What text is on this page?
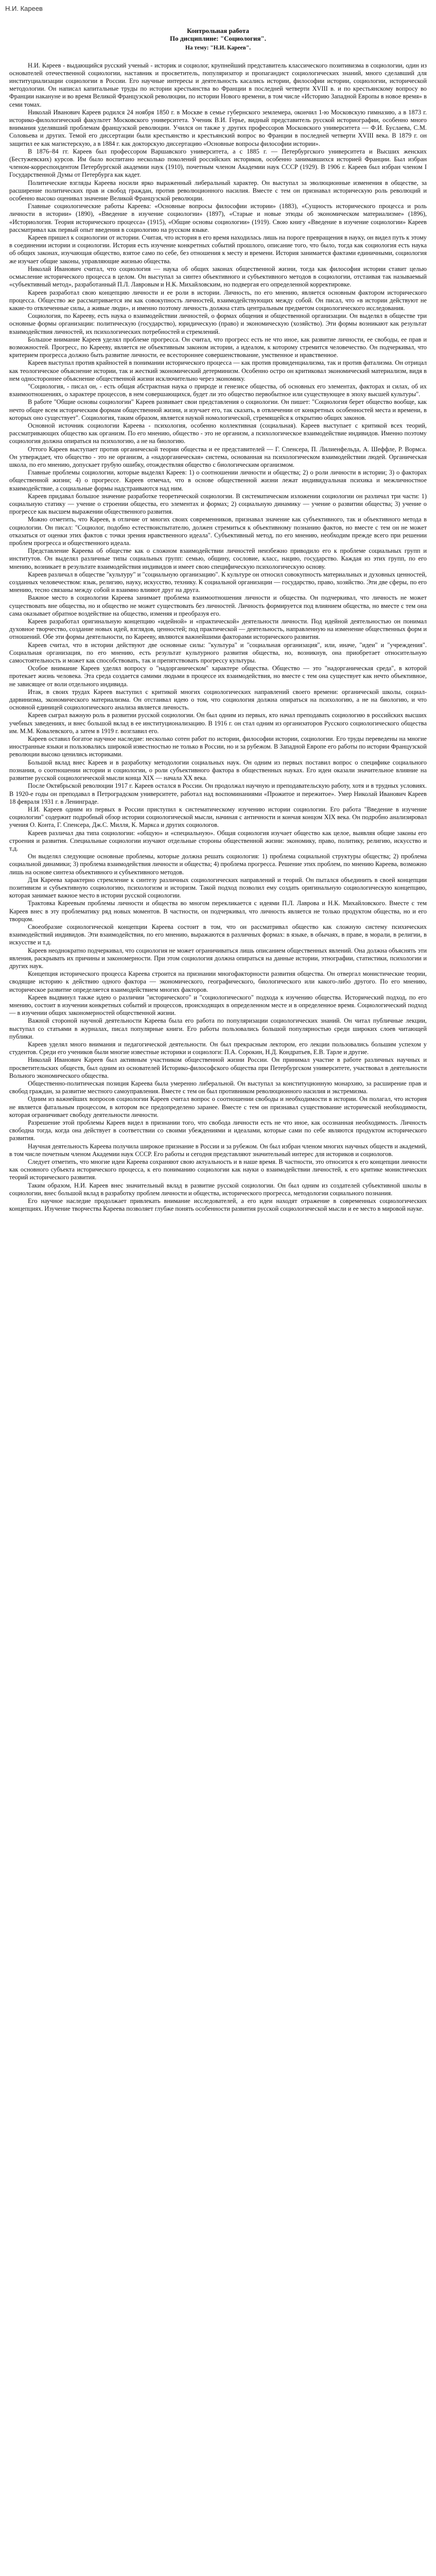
Н.И. Кареев
Контрольная работа
По дисциплине: "Социология".
На тему: "Н.И. Кареев".

Н.И. Кареев - выдающийся русский ученый - историк и социолог, крупнейший представитель классического позитивизма в социологии, один из основателей отечественной социологии, наставник и просветитель, популяризатор и пропагандист социологических знаний, много сделавший для институциализации социологии в России. Его научные интересы и деятельность касались истории, философии истории, социологии, исторической методологии. Он написал капитальные труды по истории крестьянства во Франции в последней четверти XVIII в. и по крестьянскому вопросу во Франции накануне и во время Великой Французской революции, по истории Нового времени, в том числе «Историю Западной Европы в новое время» в семи томах.

Николай Иванович Кареев родился 24 ноября 1850 г. в Москве в семье губернского землемера, окончил 1-ю Московскую гимназию, а в 1873 г. историко-филологический факультет Московского университета. Ученик В.И. Герье, видный представитель русской историографии, особенно много внимания уделявший проблемам французской революции. Учился он также у других профессоров Московского университета — Ф.И. Буслаева, С.М. Соловьева и других. Темой его диссертации были крестьянство и крестьянский вопрос во Франции в последней четверти XVIII века. В 1879 г. он защитил ее как магистерскую, а в 1884 г. как докторскую диссертацию «Основные вопросы философии истории».

В 1876–84 гг. Кареев был профессором Варшавского университета, а с 1885 г. — Петербургского университета и Высших женских (Бестужевских) курсов. Им было воспитано несколько поколений российских историков, особенно занимавшихся историей Франции. Был избран членом-корреспондентом Петербургской академии наук (1910), почетным членом Академии наук СССР (1929). В 1906 г. Кареев был избран членом I Государственной Думы от Петербурга как кадет.

Политические взгляды Кареева носили ярко выраженный либеральный характер. Он выступал за эволюционные изменения в обществе, за расширение политических прав и свобод граждан, против революционного насилия. Вместе с тем он признавал историческую роль революций и особенно высоко оценивал значение Великой Французской революции.

Главные социологические работы Кареева: «Основные вопросы философии истории» (1883), «Сущность исторического процесса и роль личности в истории» (1890), «Введение в изучение социологии» (1897), «Старые и новые этюды об экономическом материализме» (1896), «Историология. Теория исторического процесса» (1915), «Общие основы социологии» (1919). Свою книгу «Введение в изучение социологии» Кареев рассматривал как первый опыт введения в социологию на русском языке.

Кареев пришел к социологии от истории. Считая, что история в его время находилась лишь на пороге превращения в науку, он видел путь к этому в соединении истории и социологии. История есть изучение конкретных событий прошлого, описание того, что было, тогда как социология есть наука об общих законах, изучающая общество, взятое само по себе, без отношения к месту и времени. История занимается фактами единичными, социология же изучает общие законы, управляющие жизнью общества.

Николай Иванович считал, что социология — наука об общих законах общественной жизни, тогда как философия истории ставит целью осмысление исторического процесса в целом. Он выступал за синтез объективного и субъективного методов в социологии, отстаивая так называемый «субъективный метод», разработанный П.Л. Лавровым и Н.К. Михайловским, но подвергая его определенной корректировке.

Кареев разработал свою концепцию личности и ее роли в истории. Личность, по его мнению, является основным фактором исторического процесса. Общество же рассматривается им как совокупность личностей, взаимодействующих между собой. Он писал, что «в истории действуют не какие-то отвлеченные силы, а живые люди», и именно поэтому личность должна стать центральным предметом социологического исследования.

Социология, по Карееву, есть наука о взаимодействии личностей, о формах общения и общественной организации. Он выделял в обществе три основные формы организации: политическую (государство), юридическую (право) и экономическую (хозяйство). Эти формы возникают как результат взаимодействия личностей, их психологических потребностей и стремлений.

Большое внимание Кареев уделял проблеме прогресса. Он считал, что прогресс есть не что иное, как развитие личности, ее свободы, ее прав и возможностей. Прогресс, по Карееву, является не объективным законом истории, а идеалом, к которому стремится человечество. Он подчеркивал, что критерием прогресса должно быть развитие личности, ее всестороннее совершенствование, умственное и нравственное.

Кареев выступал против крайностей в понимании исторического процесса — как против провиденциализма, так и против фатализма. Он отрицал как теологическое объяснение истории, так и жесткий экономический детерминизм. Особенно остро он критиковал экономический материализм, видя в нем одностороннее объяснение общественной жизни исключительно через экономику.

"Социология, - писал он, - есть общая абстрактная наука о природе и генезисе общества, об основных его элементах, факторах и силах, об их взаимоотношениях, о характере процессов, в нем совершающихся, будет ли это общество первобытное или существующее в эпоху высшей культуры".

В работе "Общие основы социологии" Кареев развивает свои представления о социологии. Он пишет: "Социология берет общество вообще, как нечто общее всем историческим формам общественной жизни, и изучает его, так сказать, в отвлечении от конкретных особенностей места и времени, в которых оно существует". Социология, таким образом, является наукой номологической, стремящейся к открытию общих законов.

Основной источник социологии Кареева - психология, особенно коллективная (социальная). Кареев выступает с критикой всех теорий, рассматривающих общество как организм. По его мнению, общество - это не организм, а психологическое взаимодействие индивидов. Именно поэтому социология должна опираться на психологию, а не на биологию.

Оттого Кареев выступает против органической теории общества и ее представителей — Г. Спенсера, П. Лилиенфельда, А. Шеффле, Р. Вормса. Он утверждает, что общество - это не организм, а «надорганическая» система, основанная на психологическом взаимодействии людей. Органическая школа, по его мнению, допускает грубую ошибку, отождествляя общество с биологическим организмом.

Главные проблемы социологии, которые выделял Кареев: 1) о соотношении личности и общества; 2) о роли личности в истории; 3) о факторах общественной жизни; 4) о прогрессе. Кареев отмечал, что в основе общественной жизни лежат индивидуальная психика и межличностное взаимодействие, а социальные формы надстраиваются над ним.

Кареев придавал большое значение разработке теоретической социологии. В систематическом изложении социологии он различал три части: 1) социальную статику — учение о строении общества, его элементах и формах; 2) социальную динамику — учение о развитии общества; 3) учение о прогрессе как высшем выражении общественного развития.

Можно отметить, что Кареев, в отличие от многих своих современников, признавал значение как субъективного, так и объективного метода в социологии. Он писал: "Социолог, подобно естествоиспытателю, должен стремиться к объективному познанию фактов, но вместе с тем он не может отказаться от оценки этих фактов с точки зрения нравственного идеала". Субъективный метод, по его мнению, необходим прежде всего при решении проблем прогресса и общественного идеала.

Представление Кареева об обществе как о сложном взаимодействии личностей неизбежно приводило его к проблеме социальных групп и институтов. Он выделял различные типы социальных групп: семью, общину, сословие, класс, нацию, государство. Каждая из этих групп, по его мнению, возникает в результате взаимодействия индивидов и имеет свою специфическую психологическую основу.

Кареев различал в обществе "культуру" и "социальную организацию". К культуре он относил совокупность материальных и духовных ценностей, созданных человечеством: язык, религию, науку, искусство, технику. К социальной организации — государство, право, хозяйство. Эти две сферы, по его мнению, тесно связаны между собой и взаимно влияют друг на друга.

Важное место в социологии Кареева занимает проблема взаимоотношения личности и общества. Он подчеркивал, что личность не может существовать вне общества, но и общество не может существовать без личностей. Личность формируется под влиянием общества, но вместе с тем она сама оказывает обратное воздействие на общество, изменяя и преобразуя его.

Кареев разработал оригинальную концепцию «идейной» и «практической» деятельности личности. Под идейной деятельностью он понимал духовное творчество, создание новых идей, взглядов, ценностей; под практической — деятельность, направленную на изменение общественных форм и отношений. Обе эти формы деятельности, по Карееву, являются важнейшими факторами исторического развития.

Кареев считал, что в истории действуют две основные силы: "культура" и "социальная организация", или, иначе, "идеи" и "учреждения". Социальная организация, по его мнению, есть результат культурного развития общества, но, возникнув, она приобретает относительную самостоятельность и может как способствовать, так и препятствовать прогрессу культуры.

Особое внимание Кареев уделял вопросу о "надорганическом" характере общества. Общество — это "надорганическая среда", в которой протекает жизнь человека. Эта среда создается самими людьми в процессе их взаимодействия, но вместе с тем она существует как нечто объективное, не зависящее от воли отдельного индивида.

Итак, в своих трудах Кареев выступил с критикой многих социологических направлений своего времени: органической школы, социал-дарвинизма, экономического материализма. Он отстаивал идею о том, что социология должна опираться на психологию, а не на биологию, и что основной единицей социологического анализа является личность.

Кареев сыграл важную роль в развитии русской социологии. Он был одним из первых, кто начал преподавать социологию в российских высших учебных заведениях, и внес большой вклад в ее институционализацию. В 1916 г. он стал одним из организаторов Русского социологического общества им. М.М. Ковалевского, а затем в 1919 г. возглавил его.

Кареев оставил богатое научное наследие: несколько сотен работ по истории, философии истории, социологии. Его труды переведены на многие иностранные языки и пользовались широкой известностью не только в России, но и за рубежом. В Западной Европе его работы по истории Французской революции высоко ценились историками.

Большой вклад внес Кареев и в разработку методологии социальных наук. Он одним из первых поставил вопрос о специфике социального познания, о соотношении истории и социологии, о роли субъективного фактора в общественных науках. Его идеи оказали значительное влияние на развитие русской социологической мысли конца XIX — начала XX века.

После Октябрьской революции 1917 г. Кареев остался в России. Он продолжал научную и преподавательскую работу, хотя и в трудных условиях. В 1920-е годы он преподавал в Петроградском университете, работал над воспоминаниями «Прожитое и пережитое». Умер Николай Иванович Кареев 18 февраля 1931 г. в Ленинграде.

Н.И. Кареев одним из первых в России приступил к систематическому изучению истории социологии. Его работа "Введение в изучение социологии" содержит подробный обзор истории социологической мысли, начиная с античности и кончая концом XIX века. Он подробно анализировал учения О. Конта, Г. Спенсера, Дж.С. Милля, К. Маркса и других социологов.

Кареев различал два типа социологии: «общую» и «специальную». Общая социология изучает общество как целое, выявляя общие законы его строения и развития. Специальные социологии изучают отдельные стороны общественной жизни: экономику, право, политику, религию, искусство и т.д.

Он выделял следующие основные проблемы, которые должна решать социология: 1) проблема социальной структуры общества; 2) проблема социальной динамики; 3) проблема взаимодействия личности и общества; 4) проблема прогресса. Решение этих проблем, по мнению Кареева, возможно лишь на основе синтеза объективного и субъективного методов.

Для Кареева характерно стремление к синтезу различных социологических направлений и теорий. Он пытался объединить в своей концепции позитивизм и субъективную социологию, психологизм и историзм. Такой подход позволил ему создать оригинальную социологическую концепцию, которая занимает важное место в истории русской социологии.

Трактовка Кареевым проблемы личности и общества во многом перекликается с идеями П.Л. Лаврова и Н.К. Михайловского. Вместе с тем Кареев внес в эту проблематику ряд новых моментов. В частности, он подчеркивал, что личность является не только продуктом общества, но и его творцом.

Своеобразие социологической концепции Кареева состоит в том, что он рассматривал общество как сложную систему психических взаимодействий индивидов. Эти взаимодействия, по его мнению, выражаются в различных формах: в языке, в обычаях, в праве, в морали, в религии, в искусстве и т.д.

Кареев неоднократно подчеркивал, что социология не может ограничиваться лишь описанием общественных явлений. Она должна объяснять эти явления, раскрывать их причины и закономерности. При этом социология должна опираться на данные истории, этнографии, статистики, психологии и других наук.

Концепция исторического процесса Кареева строится на признании многофакторности развития общества. Он отвергал монистические теории, сводящие историю к действию одного фактора — экономического, географического, биологического или какого-либо другого. По его мнению, историческое развитие определяется взаимодействием многих факторов.

Кареев выдвинул также идею о различии "исторического" и "социологического" подхода к изучению общества. Исторический подход, по его мнению, состоит в изучении конкретных событий и процессов, происходящих в определенном месте и в определенное время. Социологический подход — в изучении общих закономерностей общественной жизни.

Важной стороной научной деятельности Кареева была его работа по популяризации социологических знаний. Он читал публичные лекции, выступал со статьями в журналах, писал популярные книги. Его работы пользовались большой популярностью среди широких слоев читающей публики.

Кареев уделял много внимания и педагогической деятельности. Он был прекрасным лектором, его лекции пользовались большим успехом у студентов. Среди его учеников были многие известные историки и социологи: П.А. Сорокин, Н.Д. Кондратьев, Е.В. Тарле и другие.

Николай Иванович Кареев был активным участником общественной жизни России. Он принимал участие в работе различных научных и просветительских обществ, был одним из основателей Историко-философского общества при Петербургском университете, участвовал в деятельности Вольного экономического общества.

Общественно-политическая позиция Кареева была умеренно либеральной. Он выступал за конституционную монархию, за расширение прав и свобод граждан, за развитие местного самоуправления. Вместе с тем он был противником революционного насилия и экстремизма.

Одним из важнейших вопросов социологии Кареев считал вопрос о соотношении свободы и необходимости в истории. Он полагал, что история не является фатальным процессом, в котором все предопределено заранее. Вместе с тем он признавал существование исторической необходимости, которая ограничивает свободу деятельности личности.

Разрешение этой проблемы Кареев видел в признании того, что свобода личности есть не что иное, как осознанная необходимость. Личность свободна тогда, когда она действует в соответствии со своими убеждениями и идеалами, которые сами по себе являются продуктом исторического развития.

Научная деятельность Кареева получила широкое признание в России и за рубежом. Он был избран членом многих научных обществ и академий, в том числе почетным членом Академии наук СССР. Его работы и сегодня представляют значительный интерес для историков и социологов.

Следует отметить, что многие идеи Кареева сохраняют свою актуальность и в наше время. В частности, это относится к его концепции личности как основного субъекта исторического процесса, к его пониманию социологии как науки о взаимодействии личностей, к его критике монистических теорий исторического развития.

Таким образом, Н.И. Кареев внес значительный вклад в развитие русской социологии. Он был одним из создателей субъективной школы в социологии, внес большой вклад в разработку проблем личности и общества, исторического прогресса, методологии социального познания.

Его научное наследие продолжает привлекать внимание исследователей, а его идеи находят отражение в современных социологических концепциях. Изучение творчества Кареева позволяет глубже понять особенности развития русской социологической мысли и ее место в мировой науке.
